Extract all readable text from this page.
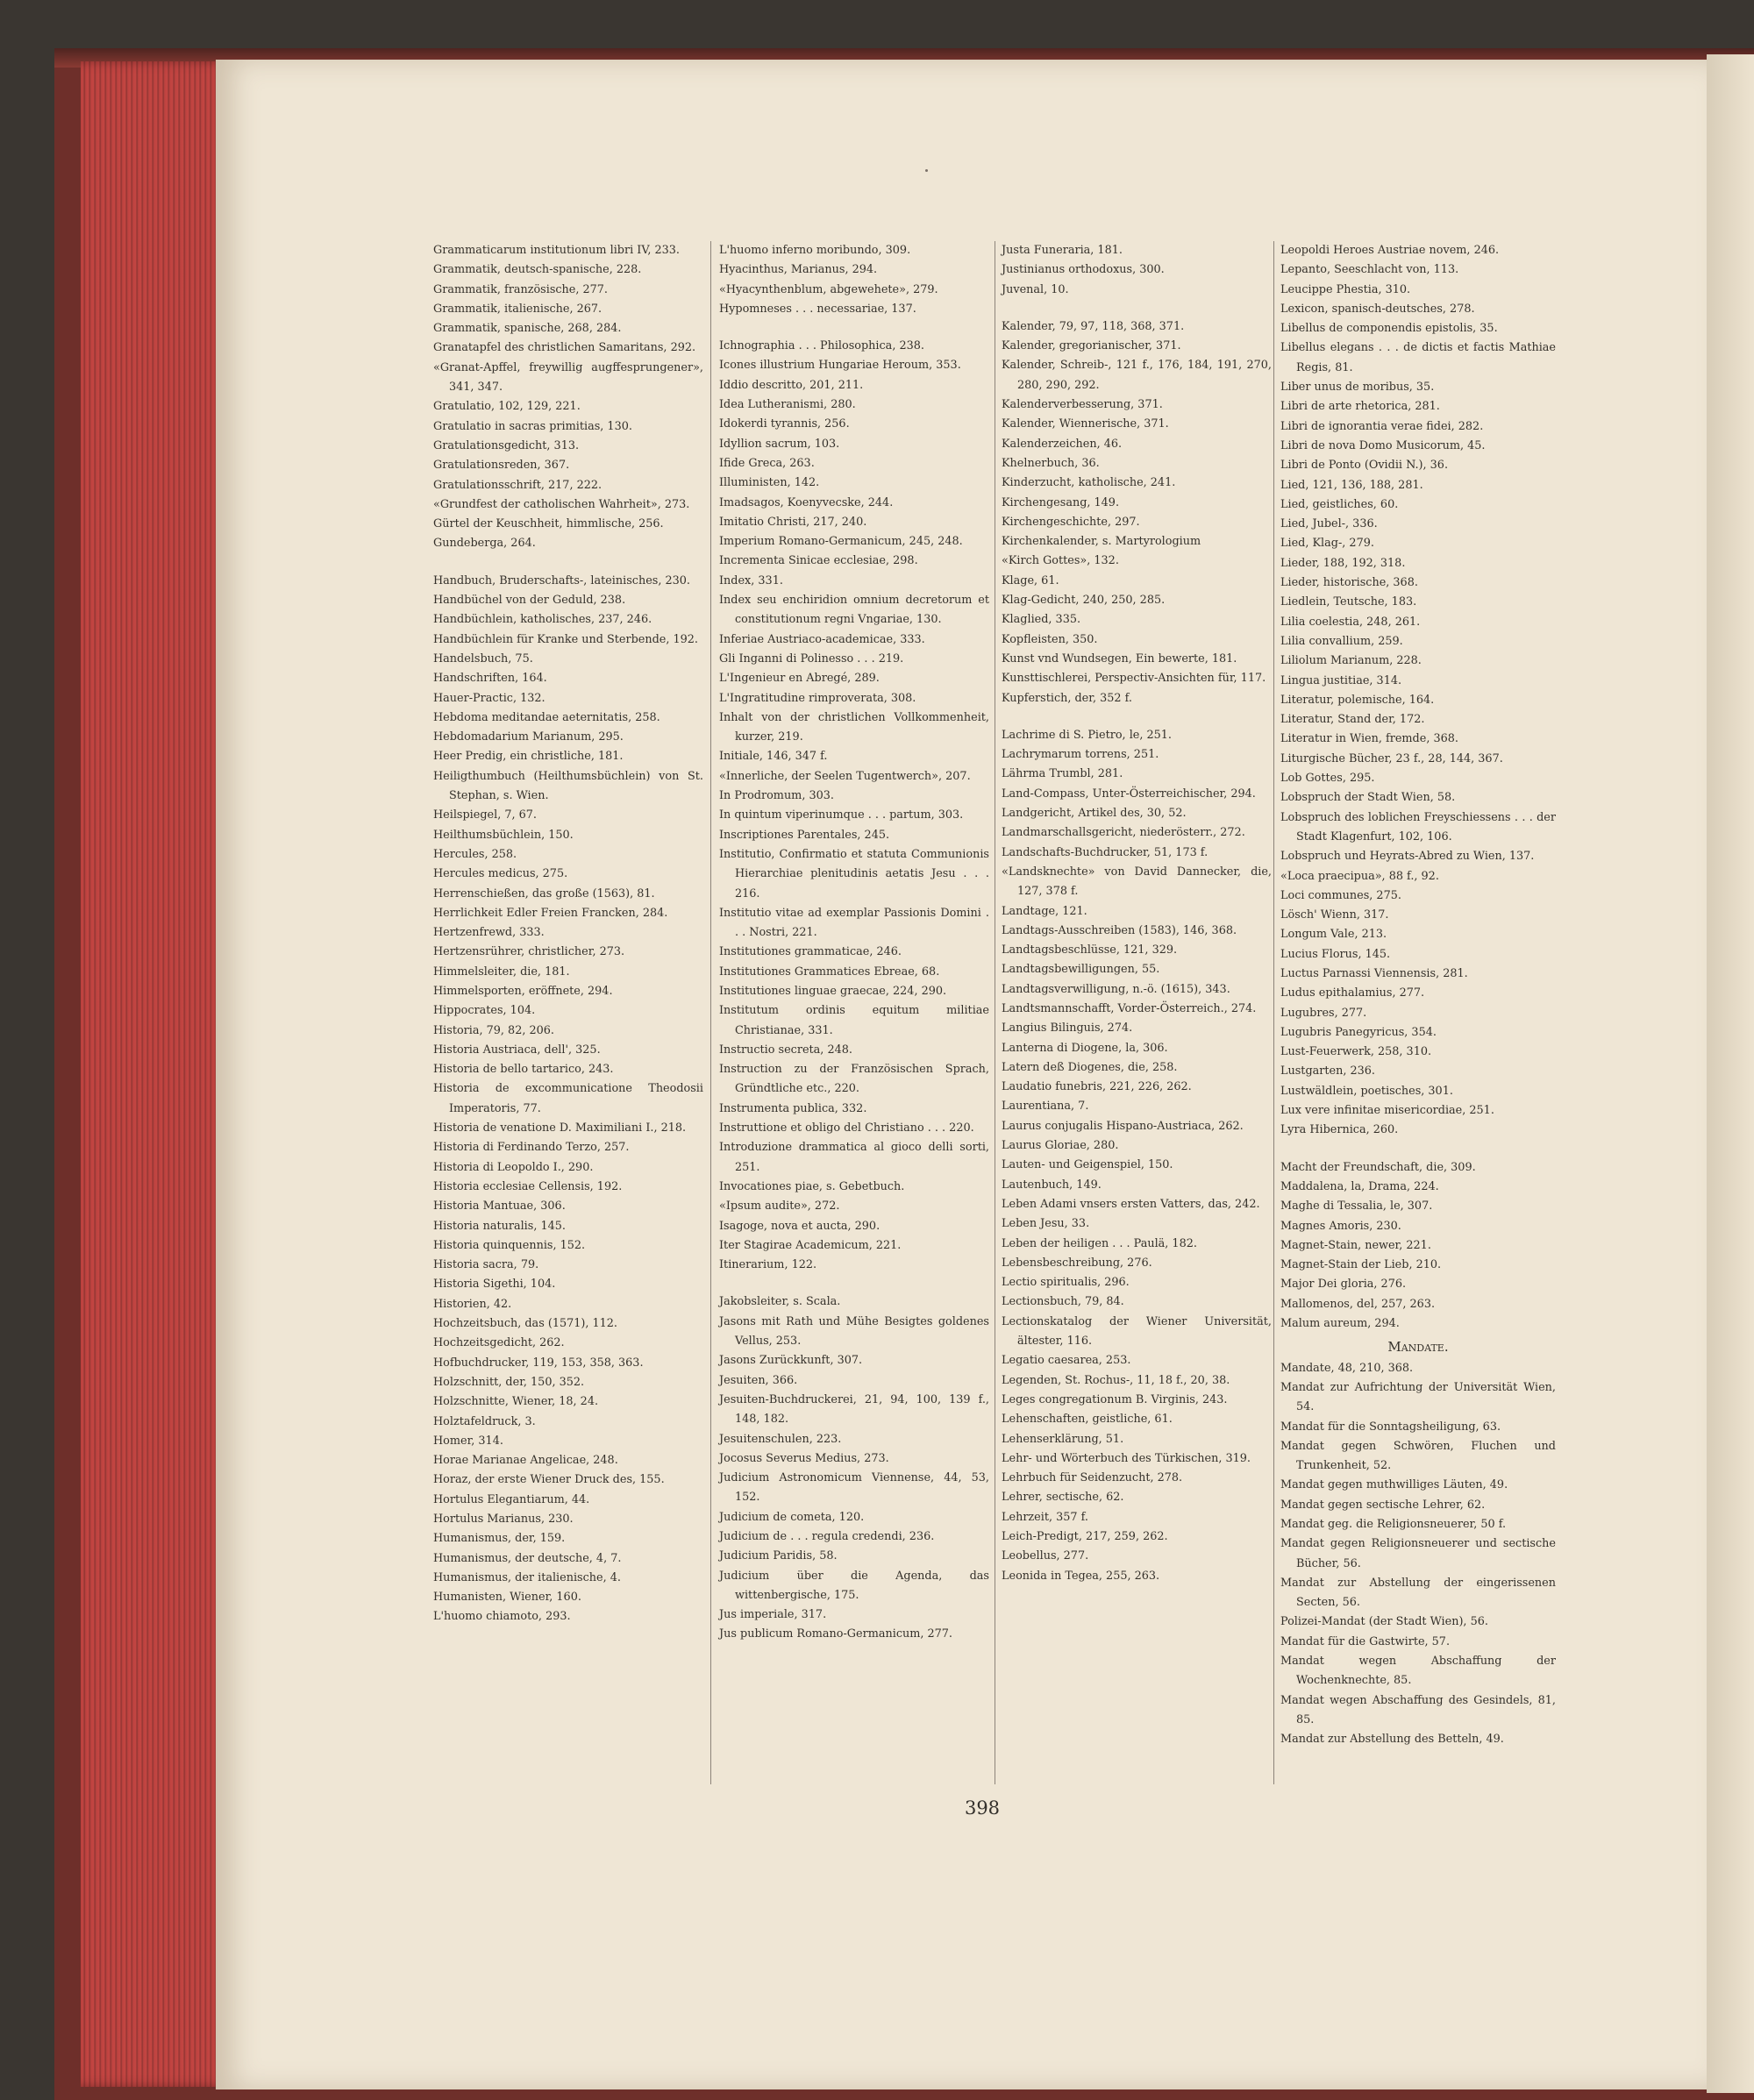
Grammaticarum institutionum libri IV, 233.

Grammatik, deutsch-spanische, 228.

Grammatik, französische, 277.

Grammatik, italienische, 267.

Grammatik, spanische, 268, 284.

Granatapfel des christlichen Samaritans, 292.

«Granat-Apffel, freywillig augffesprungener», 341, 347.

Gratulatio, 102, 129, 221.

Gratulatio in sacras primitias, 130.

Gratulationsgedicht, 313.

Gratulationsreden, 367.

Gratulationsschrift, 217, 222.

«Grundfest der catholischen Wahrheit», 273.

Gürtel der Keuschheit, himmlische, 256.

Gundeberga, 264.

Handbuch, Bruderschafts-, lateinisches, 230.

Handbüchel von der Geduld, 238.

Handbüchlein, katholisches, 237, 246.

Handbüchlein für Kranke und Sterbende, 192.

Handelsbuch, 75.

Handschriften, 164.

Hauer-Practic, 132.

Hebdoma meditandae aeternitatis, 258.

Hebdomadarium Marianum, 295.

Heer Predig, ein christliche, 181.

Heiligthumbuch (Heilthumsbüchlein) von St. Stephan, s. Wien.

Heilspiegel, 7, 67.

Heilthumsbüchlein, 150.

Hercules, 258.

Hercules medicus, 275.

Herrenschießen, das große (1563), 81.

Herrlichkeit Edler Freien Francken, 284.

Hertzenfrewd, 333.

Hertzensrührer, christlicher, 273.

Himmelsleiter, die, 181.

Himmelsporten, eröffnete, 294.

Hippocrates, 104.

Historia, 79, 82, 206.

Historia Austriaca, dell', 325.

Historia de bello tartarico, 243.

Historia de excommunicatione Theodosii Imperatoris, 77.

Historia de venatione D. Maximiliani I., 218.

Historia di Ferdinando Terzo, 257.

Historia di Leopoldo I., 290.

Historia ecclesiae Cellensis, 192.

Historia Mantuae, 306.

Historia naturalis, 145.

Historia quinquennis, 152.

Historia sacra, 79.

Historia Sigethi, 104.

Historien, 42.

Hochzeitsbuch, das (1571), 112.

Hochzeitsgedicht, 262.

Hofbuchdrucker, 119, 153, 358, 363.

Holzschnitt, der, 150, 352.

Holzschnitte, Wiener, 18, 24.

Holztafeldruck, 3.

Homer, 314.

Horae Marianae Angelicae, 248.

Horaz, der erste Wiener Druck des, 155.

Hortulus Elegantiarum, 44.

Hortulus Marianus, 230.

Humanismus, der, 159.

Humanismus, der deutsche, 4, 7.

Humanismus, der italienische, 4.

Humanisten, Wiener, 160.

L'huomo chiamoto, 293.

L'huomo inferno moribundo, 309.

Hyacinthus, Marianus, 294.

«Hyacynthenblum, abgewehete», 279.

Hypomneses . . . necessariae, 137.

Ichnographia . . . Philosophica, 238.

Icones illustrium Hungariae Heroum, 353.

Iddio descritto, 201, 211.

Idea Lutheranismi, 280.

Idokerdi tyrannis, 256.

Idyllion sacrum, 103.

Ifide Greca, 263.

Illuministen, 142.

Imadsagos, Koenyvecske, 244.

Imitatio Christi, 217, 240.

Imperium Romano-Germanicum, 245, 248.

Incrementa Sinicae ecclesiae, 298.

Index, 331.

Index seu enchiridion omnium decretorum et constitutionum regni Vngariae, 130.

Inferiae Austriaco-academicae, 333.

Gli Inganni di Polinesso . . . 219.

L'Ingenieur en Abregé, 289.

L'Ingratitudine rimproverata, 308.

Inhalt von der christlichen Vollkommenheit, kurzer, 219.

Initiale, 146, 347 f.

«Innerliche, der Seelen Tugentwerch», 207.

In Prodromum, 303.

In quintum viperinumque . . . partum, 303.

Inscriptiones Parentales, 245.

Institutio, Confirmatio et statuta Communionis Hierarchiae plenitudinis aetatis Jesu . . . 216.

Institutio vitae ad exemplar Passionis Domini . . . Nostri, 221.

Institutiones grammaticae, 246.

Institutiones Grammatices Ebreae, 68.

Institutiones linguae graecae, 224, 290.

Institutum ordinis equitum militiae Christianae, 331.

Instructio secreta, 248.

Instruction zu der Französischen Sprach, Gründtliche etc., 220.

Instrumenta publica, 332.

Instruttione et obligo del Christiano . . . 220.

Introduzione drammatica al gioco delli sorti, 251.

Invocationes piae, s. Gebetbuch.

«Ipsum audite», 272.

Isagoge, nova et aucta, 290.

Iter Stagirae Academicum, 221.

Itinerarium, 122.

Jakobsleiter, s. Scala.

Jasons mit Rath und Mühe Besigtes goldenes Vellus, 253.

Jasons Zurückkunft, 307.

Jesuiten, 366.

Jesuiten-Buchdruckerei, 21, 94, 100, 139 f., 148, 182.

Jesuitenschulen, 223.

Jocosus Severus Medius, 273.

Judicium Astronomicum Viennense, 44, 53, 152.

Judicium de cometa, 120.

Judicium de . . . regula credendi, 236.

Judicium Paridis, 58.

Judicium über die Agenda, das wittenbergische, 175.

Jus imperiale, 317.

Jus publicum Romano-Germanicum, 277.

Justa Funeraria, 181.

Justinianus orthodoxus, 300.

Juvenal, 10.

Kalender, 79, 97, 118, 368, 371.

Kalender, gregorianischer, 371.

Kalender, Schreib-, 121 f., 176, 184, 191, 270, 280, 290, 292.

Kalenderverbesserung, 371.

Kalender, Wiennerische, 371.

Kalenderzeichen, 46.

Khelnerbuch, 36.

Kinderzucht, katholische, 241.

Kirchengesang, 149.

Kirchengeschichte, 297.

Kirchenkalender, s. Martyrologium

«Kirch Gottes», 132.

Klage, 61.

Klag-Gedicht, 240, 250, 285.

Klaglied, 335.

Kopfleisten, 350.

Kunst vnd Wundsegen, Ein bewerte, 181.

Kunsttischlerei, Perspectiv-Ansichten für, 117.

Kupferstich, der, 352 f.

Lachrime di S. Pietro, le, 251.

Lachrymarum torrens, 251.

Lährma Trumbl, 281.

Land-Compass, Unter-Österreichischer, 294.

Landgericht, Artikel des, 30, 52.

Landmarschallsgericht, niederösterr., 272.

Landschafts-Buchdrucker, 51, 173 f.

«Landsknechte» von David Dannecker, die, 127, 378 f.

Landtage, 121.

Landtags-Ausschreiben (1583), 146, 368.

Landtagsbeschlüsse, 121, 329.

Landtagsbewilligungen, 55.

Landtagsverwilligung, n.-ö. (1615), 343.

Landtsmannschafft, Vorder-Österreich., 274.

Langius Bilinguis, 274.

Lanterna di Diogene, la, 306.

Latern deß Diogenes, die, 258.

Laudatio funebris, 221, 226, 262.

Laurentiana, 7.

Laurus conjugalis Hispano-Austriaca, 262.

Laurus Gloriae, 280.

Lauten- und Geigenspiel, 150.

Lautenbuch, 149.

Leben Adami vnsers ersten Vatters, das, 242.

Leben Jesu, 33.

Leben der heiligen . . . Paulä, 182.

Lebensbeschreibung, 276.

Lectio spiritualis, 296.

Lectionsbuch, 79, 84.

Lectionskatalog der Wiener Universität, ältester, 116.

Legatio caesarea, 253.

Legenden, St. Rochus-, 11, 18 f., 20, 38.

Leges congregationum B. Virginis, 243.

Lehenschaften, geistliche, 61.

Lehenserklärung, 51.

Lehr- und Wörterbuch des Türkischen, 319.

Lehrbuch für Seidenzucht, 278.

Lehrer, sectische, 62.

Lehrzeit, 357 f.

Leich-Predigt, 217, 259, 262.

Leobellus, 277.

Leonida in Tegea, 255, 263.

Leopoldi Heroes Austriae novem, 246.

Lepanto, Seeschlacht von, 113.

Leucippe Phestia, 310.

Lexicon, spanisch-deutsches, 278.

Libellus de componendis epistolis, 35.

Libellus elegans . . . de dictis et factis Mathiae Regis, 81.

Liber unus de moribus, 35.

Libri de arte rhetorica, 281.

Libri de ignorantia verae fidei, 282.

Libri de nova Domo Musicorum, 45.

Libri de Ponto (Ovidii N.), 36.

Lied, 121, 136, 188, 281.

Lied, geistliches, 60.

Lied, Jubel-, 336.

Lied, Klag-, 279.

Lieder, 188, 192, 318.

Lieder, historische, 368.

Liedlein, Teutsche, 183.

Lilia coelestia, 248, 261.

Lilia convallium, 259.

Liliolum Marianum, 228.

Lingua justitiae, 314.

Literatur, polemische, 164.

Literatur, Stand der, 172.

Literatur in Wien, fremde, 368.

Liturgische Bücher, 23 f., 28, 144, 367.

Lob Gottes, 295.

Lobspruch der Stadt Wien, 58.

Lobspruch des loblichen Freyschiessens . . . der Stadt Klagenfurt, 102, 106.

Lobspruch und Heyrats-Abred zu Wien, 137.

«Loca praecipua», 88 f., 92.

Loci communes, 275.

Lösch' Wienn, 317.

Longum Vale, 213.

Lucius Florus, 145.

Luctus Parnassi Viennensis, 281.

Ludus epithalamius, 277.

Lugubres, 277.

Lugubris Panegyricus, 354.

Lust-Feuerwerk, 258, 310.

Lustgarten, 236.

Lustwäldlein, poetisches, 301.

Lux vere infinitae misericordiae, 251.

Lyra Hibernica, 260.

Macht der Freundschaft, die, 309.

Maddalena, la, Drama, 224.

Maghe di Tessalia, le, 307.

Magnes Amoris, 230.

Magnet-Stain, newer, 221.

Magnet-Stain der Lieb, 210.

Major Dei gloria, 276.

Mallomenos, del, 257, 263.

Malum aureum, 294.

Mandate.

Mandate, 48, 210, 368.

Mandat zur Aufrichtung der Universität Wien, 54.

Mandat für die Sonntagsheiligung, 63.

Mandat gegen Schwören, Fluchen und Trunkenheit, 52.

Mandat gegen muthwilliges Läuten, 49.

Mandat gegen sectische Lehrer, 62.

Mandat geg. die Religionsneuerer, 50 f.

Mandat gegen Religionsneuerer und sectische Bücher, 56.

Mandat zur Abstellung der eingerissenen Secten, 56.

Polizei-Mandat (der Stadt Wien), 56.

Mandat für die Gastwirte, 57.

Mandat wegen Abschaffung der Wochenknechte, 85.

Mandat wegen Abschaffung des Gesindels, 81, 85.

Mandat zur Abstellung des Betteln, 49.

398
